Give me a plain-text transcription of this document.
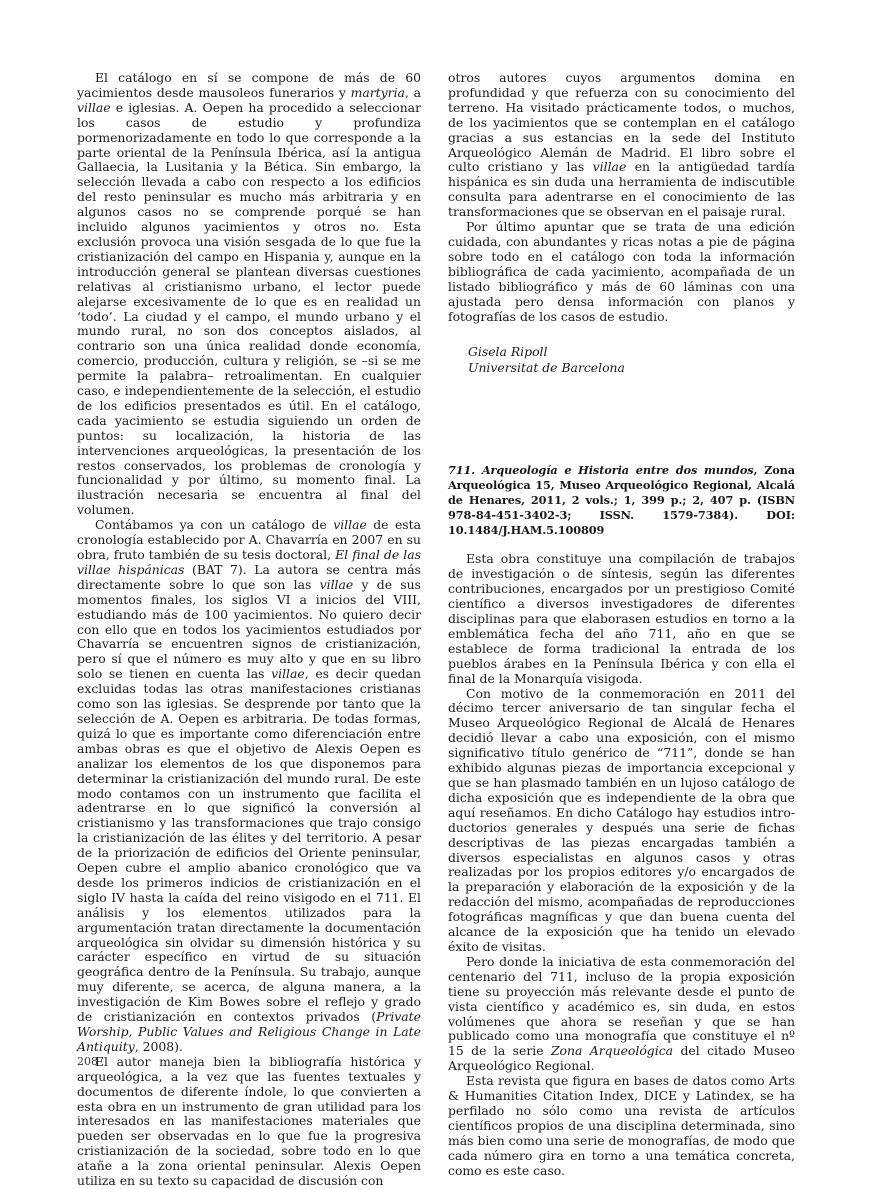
El catálogo en sí se compone de más de 60 yacimientos desde mausoleos funerarios y martyria, a villae e iglesias. A. Oepen ha procedido a seleccionar los casos de estudio y profundiza pormenorizadamente en todo lo que corresponde a la parte oriental de la Península Ibérica, así la antigua Gallaecia, la Lusitania y la Bética. Sin embargo, la selección llevada a cabo con respecto a los edificios del resto peninsular es mucho más arbitraria y en algunos casos no se comprende porqué se han incluido algunos yacimientos y otros no. Esta exclusión provoca una visión sesgada de lo que fue la cristianización del campo en Hispania y, aunque en la introducción general se plantean diversas cuestiones relativas al cristianismo urbano, el lector puede alejarse excesivamente de lo que es en realidad un ‘todo’. La ciudad y el campo, el mundo urbano y el mundo rural, no son dos conceptos aislados, al contrario son una única realidad donde economía, comercio, producción, cultura y religión, se –si se me permite la palabra– retroalimentan. En cualquier caso, e independientemente de la selección, el estudio de los edificios presentados es útil. En el catálogo, cada yacimiento se estudia siguiendo un orden de puntos: su localización, la historia de las intervenciones arqueológicas, la presentación de los restos conservados, los problemas de cronología y funcionalidad y por último, su momento final. La ilustración necesaria se encuentra al final del volumen.

Contábamos ya con un catálogo de villae de esta cronología establecido por A. Chavarría en 2007 en su obra, fruto también de su tesis doctoral, El final de las villae hispánicas (BAT 7). La autora se centra más directamente sobre lo que son las villae y de sus momentos finales, los siglos VI a inicios del VIII, estudiando más de 100 yacimientos. No quiero decir con ello que en todos los yacimientos estudiados por Chavarría se encuentren signos de cristianización, pero sí que el número es muy alto y que en su libro solo se tienen en cuenta las villae, es decir quedan excluidas todas las otras manifestaciones cristianas como son las iglesias. Se desprende por tanto que la selección de A. Oepen es arbitraria. De todas formas, quizá lo que es importante como diferenciación entre ambas obras es que el objetivo de Alexis Oepen es analizar los elementos de los que disponemos para determinar la cristianización del mundo rural. De este modo contamos con un instrumento que facilita el adentrarse en lo que significó la conversión al cristianismo y las transformaciones que trajo consigo la cristianización de las élites y del territorio. A pesar de la priorización de edificios del Oriente peninsular, Oepen cubre el amplio abanico cronológico que va desde los primeros indicios de cristianización en el siglo IV hasta la caída del reino visigodo en el 711. El análisis y los elementos utilizados para la argumentación tratan directamente la documentación arqueológica sin olvidar su dimensión histórica y su carácter específico en virtud de su situación geográfica dentro de la Península. Su trabajo, aunque muy diferente, se acerca, de alguna manera, a la investigación de Kim Bowes sobre el reflejo y grado de cristianización en contextos privados (Private Worship, Public Values and Religious Change in Late Antiquity, 2008).

El autor maneja bien la bibliografía histórica y arqueológica, a la vez que las fuentes textuales y documentos de diferente índole, lo que convierten a esta obra en un instrumento de gran utilidad para los interesados en las manifestaciones materiales que pueden ser observadas en lo que fue la progresiva cristianización de la sociedad, sobre todo en lo que atañe a la zona oriental peninsular. Alexis Oepen utiliza en su texto su capacidad de discusión con

otros autores cuyos argumentos domina en profundidad y que refuerza con su conocimiento del terreno. Ha visitado prácticamente todos, o muchos, de los yacimientos que se contemplan en el catálogo gracias a sus estancias en la sede del Instituto Arqueológico Alemán de Madrid. El libro sobre el culto cristiano y las villae en la antigüedad tardía hispánica es sin duda una herramienta de indiscutible consulta para adentrarse en el conocimiento de las transformaciones que se observan en el paisaje rural.

Por último apuntar que se trata de una edición cuidada, con abundantes y ricas notas a pie de página sobre todo en el catálogo con toda la información bibliográfica de cada yacimiento, acompañada de un listado bibliográfico y más de 60 láminas con una ajustada pero densa información con planos y fotografías de los casos de estudio.

Gisela Ripoll
Universitat de Barcelona
711. Arqueología e Historia entre dos mundos, Zona Arqueológica 15, Museo Arqueológico Regional, Alcalá de Henares, 2011, 2 vols.; 1, 399 p.; 2, 407 p. (ISBN 978-84-451-3402-3; ISSN. 1579-7384). DOI: 10.1484/J.HAM.5.100809

Esta obra constituye una compilación de trabajos de investigación o de síntesis, según las diferentes contribuciones, encargados por un prestigioso Comité científico a diversos investigadores de diferentes disciplinas para que elaborasen estudios en torno a la emblemática fecha del año 711, año en que se establece de forma tradicional la entrada de los pueblos árabes en la Península Ibérica y con ella el final de la Monarquía visigoda.

Con motivo de la conmemoración en 2011 del décimo tercer aniversario de tan singular fecha el Museo Arqueológico Regional de Alcalá de Henares decidió llevar a cabo una exposición, con el mismo significativo título genérico de “711”, donde se han exhibido algunas piezas de importancia excepcional y que se han plasmado también en un lujoso catálogo de dicha exposición que es independiente de la obra que aquí reseñamos. En dicho Catálogo hay estudios introductorios generales y después una serie de fichas descriptivas de las piezas encargadas también a diversos especialistas en algunos casos y otras realizadas por los propios editores y/o encargados de la preparación y elaboración de la exposición y de la redacción del mismo, acompañadas de reproducciones fotográficas magníficas y que dan buena cuenta del alcance de la exposición que ha tenido un elevado éxito de visitas.

Pero donde la iniciativa de esta conmemoración del centenario del 711, incluso de la propia exposición tiene su proyección más relevante desde el punto de vista científico y académico es, sin duda, en estos volúmenes que ahora se reseñan y que se han publicado como una monografía que constituye el nº 15 de la serie Zona Arqueológica del citado Museo Arqueológico Regional.

Esta revista que figura en bases de datos como Arts & Humanities Citation Index, DICE y Latindex, se ha perfilado no sólo como una revista de artículos científicos propios de una disciplina determinada, sino más bien como una serie de monografías, de modo que cada número gira en torno a una temática concreta, como es este caso.

208
